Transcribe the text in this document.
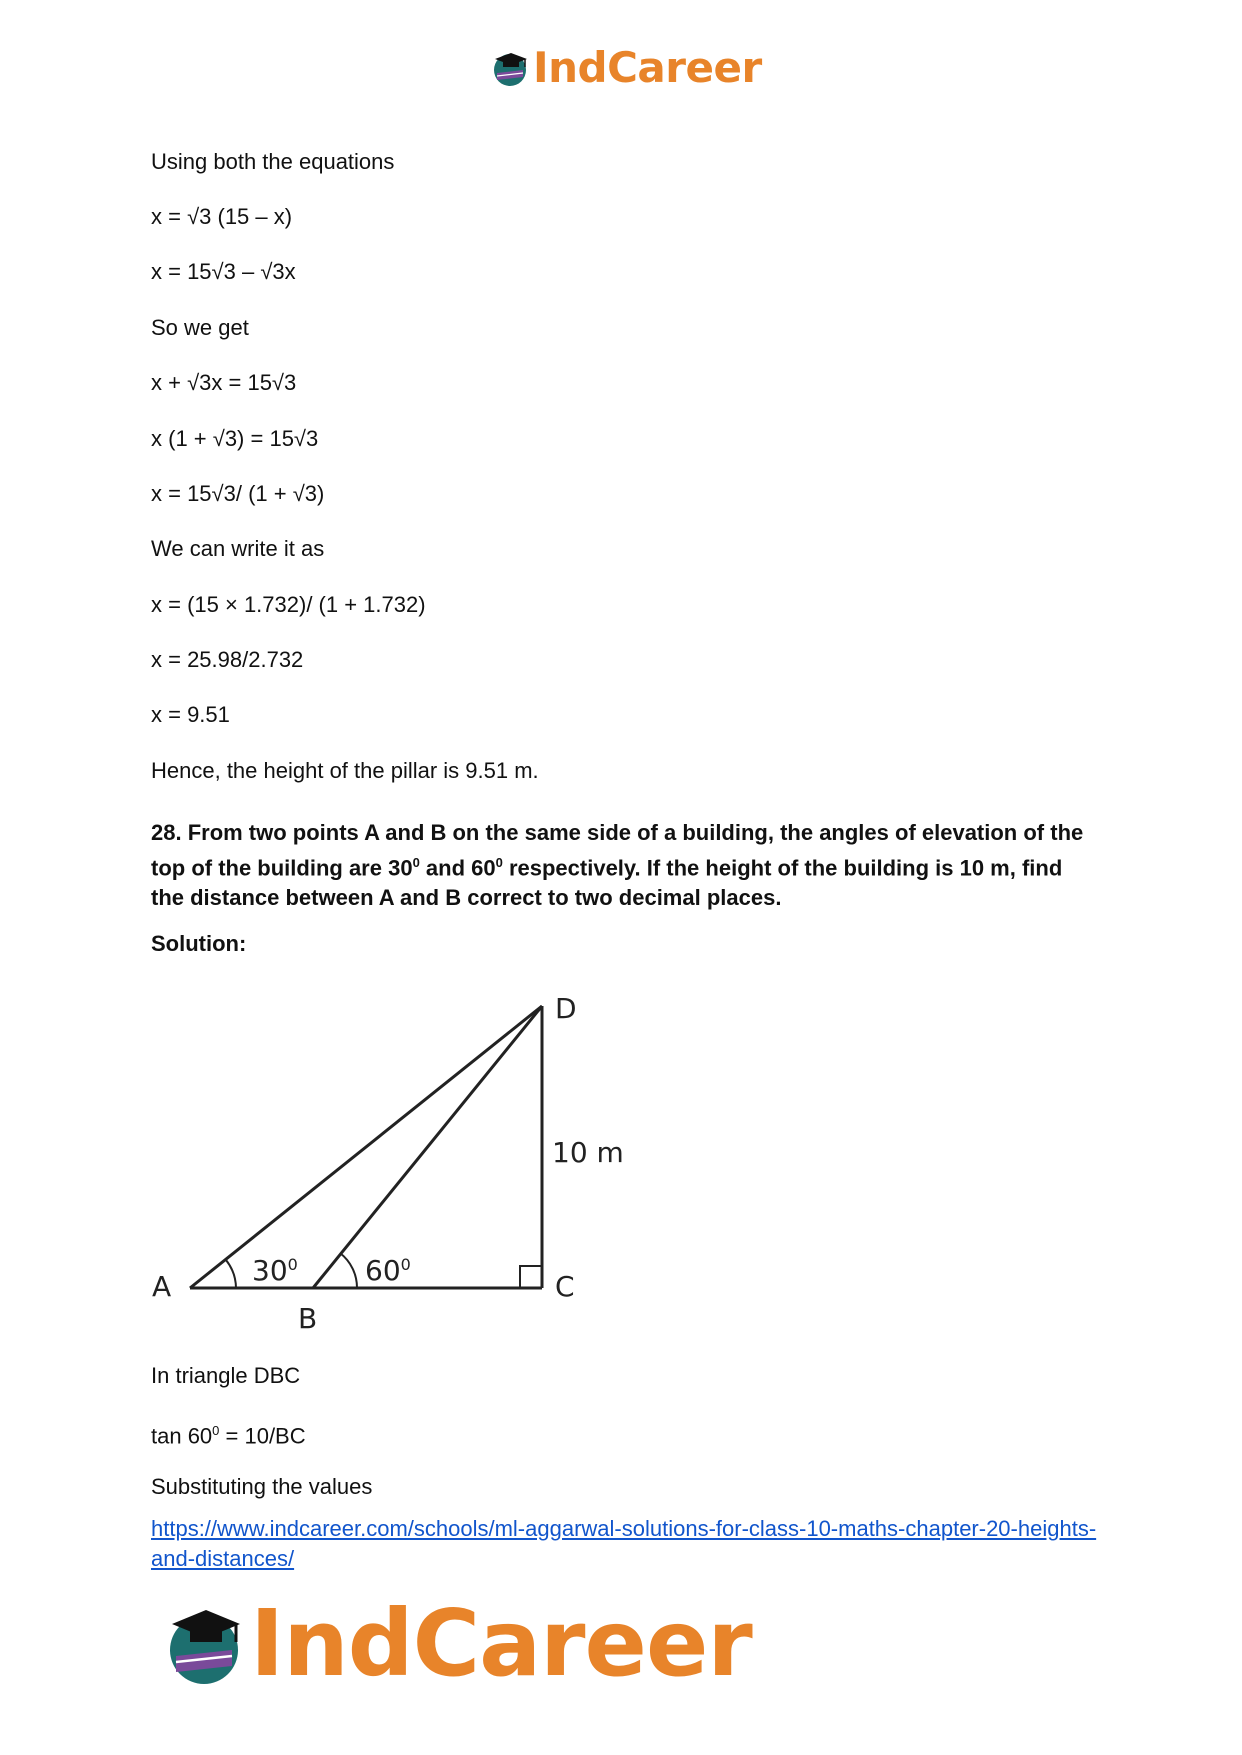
IndCareer
Using both the equations
x = √3 (15 – x)
x = 15√3 – √3x
So we get
x + √3x = 15√3
x (1 + √3) = 15√3
x = 15√3/ (1 + √3)
We can write it as
x = (15 × 1.732)/ (1 + 1.732)
x = 25.98/2.732
x = 9.51
Hence, the height of the pillar is 9.51 m.
28. From two points A and B on the same side of a building, the angles of elevation of the top of the building are $30^0$ and $60^0$ respectively. If the height of the building is 10 m, find the distance between A and B correct to two decimal places.
Solution:
A
B
C
D
10 m
$30^0$ $60^0$
In triangle DBC
$\tan 60^0 = 10/BC$
Substituting the values
https://www.indcareer.com/schools/ml-aggarwal-solutions-for-class-10-maths-chapter-20-heights-and-distances/
IndCareer
